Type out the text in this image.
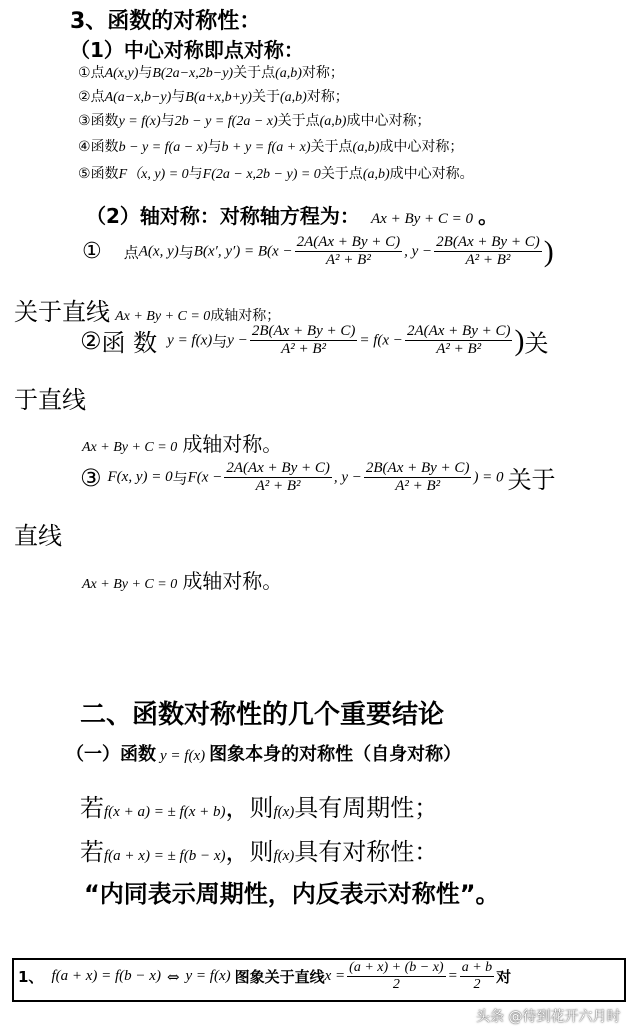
3、函数的对称性：
（1）中心对称即点对称：
①点A(x,y)与B(2a−x,2b−y)关于点(a,b)对称；
②点A(a−x,b−y)与B(a+x,b+y)关于(a,b)对称；
③函数y = f(x)与2b − y = f(2a − x)关于点(a,b)成中心对称；
④函数b − y = f(a − x)与b + y = f(a + x)关于点(a,b)成中心对称；
⑤函数F（x, y) = 0与F(2a − x,2b − y) = 0关于点(a,b)成中心对称。
（2）轴对称：对称轴方程为： Ax + By + C = 0 。
① 点A(x, y)与B(x′, $y') = B(x - \frac{2A(Ax + By + C)}{\text{A² + B²}}$ , $y - \frac{2B(Ax + By + C)}{\text{A² + B²}}$ )
关于直线 Ax + By + C = 0成轴对称；
②函 数 y = f(x)与$y - \frac{2B(Ax + By + C)}{\text{A² + B²}} = f(x - \frac{2A(Ax + By + C)}{\text{A² + B²}}$ )关
于直线
Ax + By + C = 0 成轴对称。
③ F(x, y) = 0与$F(x - \frac{2A(Ax + By + C)}{\text{A² + B²}}$ , $y - \frac{2B(Ax + By + C)}{\text{A² + B²}}$ ) = 0 关于
直线
Ax + By + C = 0 成轴对称。
二、函数对称性的几个重要结论
（一）函数 y = f(x) 图象本身的对称性（自身对称）
若f(x + a) = ± f(x + b)，则f(x)具有周期性；
若f(a + x) = ± f(b − x)，则f(x)具有对称性：
“内同表示周期性，内反表示对称性”。
1、 f(a + x) = f(b − x) ⇔ y = f(x) 图象关于直线$x = \frac{(a + x) + (b - x)}{2} = \frac{a + b}{2}$ 对
头条 @待到花开六月时
